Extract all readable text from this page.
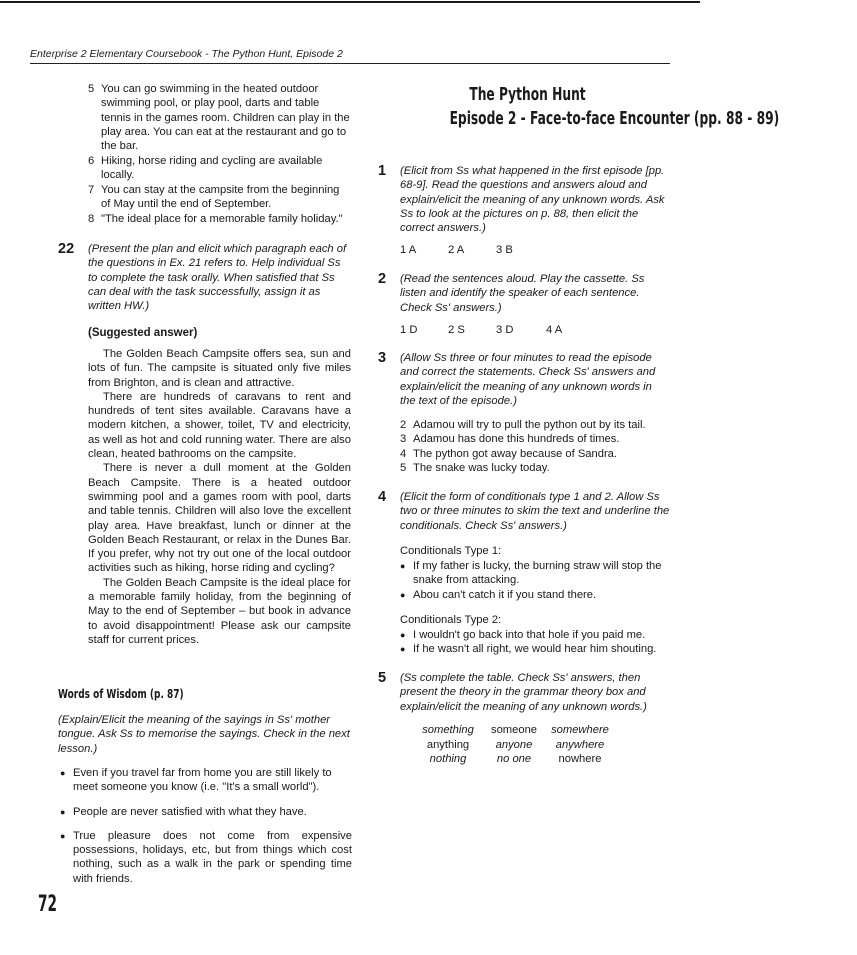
Enterprise 2 Elementary Coursebook - The Python Hunt, Episode 2
5 You can go swimming in the heated outdoor swimming pool, or play pool, darts and table tennis in the games room. Children can play in the play area. You can eat at the restaurant and go to the bar.
6 Hiking, horse riding and cycling are available locally.
7 You can stay at the campsite from the beginning of May until the end of September.
8 "The ideal place for a memorable family holiday."
22	(Present the plan and elicit which paragraph each of the questions in Ex. 21 refers to. Help individual Ss to complete the task orally. When satisfied that Ss can deal with the task successfully, assign it as written HW.)
(Suggested answer)

The Golden Beach Campsite offers sea, sun and lots of fun. The campsite is situated only five miles from Brighton, and is clean and attractive.

There are hundreds of caravans to rent and hundreds of tent sites available. Caravans have a modern kitchen, a shower, toilet, TV and electricity, as well as hot and cold running water. There are also clean, heated bathrooms on the campsite.

There is never a dull moment at the Golden Beach Campsite. There is a heated outdoor swimming pool and a games room with pool, darts and table tennis. Children will also love the excellent play area. Have breakfast, lunch or dinner at the Golden Beach Restaurant, or relax in the Dunes Bar. If you prefer, why not try out one of the local outdoor activities such as hiking, horse riding and cycling?

The Golden Beach Campsite is the ideal place for a memorable family holiday, from the beginning of May to the end of September – but book in advance to avoid disappointment! Please ask our campsite staff for current prices.

Words of Wisdom (p. 87)
(Explain/Elicit the meaning of the sayings in Ss' mother tongue. Ask Ss to memorise the sayings. Check in the next lesson.)
● Even if you travel far from home you are still likely to meet someone you know (i.e. "It's a small world").
● People are never satisfied with what they have.
● True pleasure does not come from expensive possessions, holidays, etc, but from things which cost nothing, such as a walk in the park or spending time with friends.
72
The Python Hunt
Episode 2 - Face-to-face Encounter (pp. 88 - 89)
1	(Elicit from Ss what happened in the first episode [pp. 68-9]. Read the questions and answers aloud and explain/elicit the meaning of any unknown words. Ask Ss to look at the pictures on p. 88, then elicit the correct answers.)
1 A	2 A	3 B
2	(Read the sentences aloud. Play the cassette. Ss listen and identify the speaker of each sentence. Check Ss' answers.)
1 D	2 S	3 D	4 A
3	(Allow Ss three or four minutes to read the episode and correct the statements. Check Ss' answers and explain/elicit the meaning of any unknown words in the text of the episode.)
2 Adamou will try to pull the python out by its tail.
3 Adamou has done this hundreds of times.
4 The python got away because of Sandra.
5 The snake was lucky today.
4	(Elicit the form of conditionals type 1 and 2. Allow Ss two or three minutes to skim the text and underline the conditionals. Check Ss' answers.)
Conditionals Type 1:
● If my father is lucky, the burning straw will stop the snake from attacking.
● Abou can't catch it if you stand there.
Conditionals Type 2:
● I wouldn't go back into that hole if you paid me.
● If he wasn't all right, we would hear him shouting.
5	(Ss complete the table. Check Ss' answers, then present the theory in the grammar theory box and explain/elicit the meaning of any unknown words.)
something	someone	somewhere
anything	anyone	anywhere
nothing	no one	nowhere
